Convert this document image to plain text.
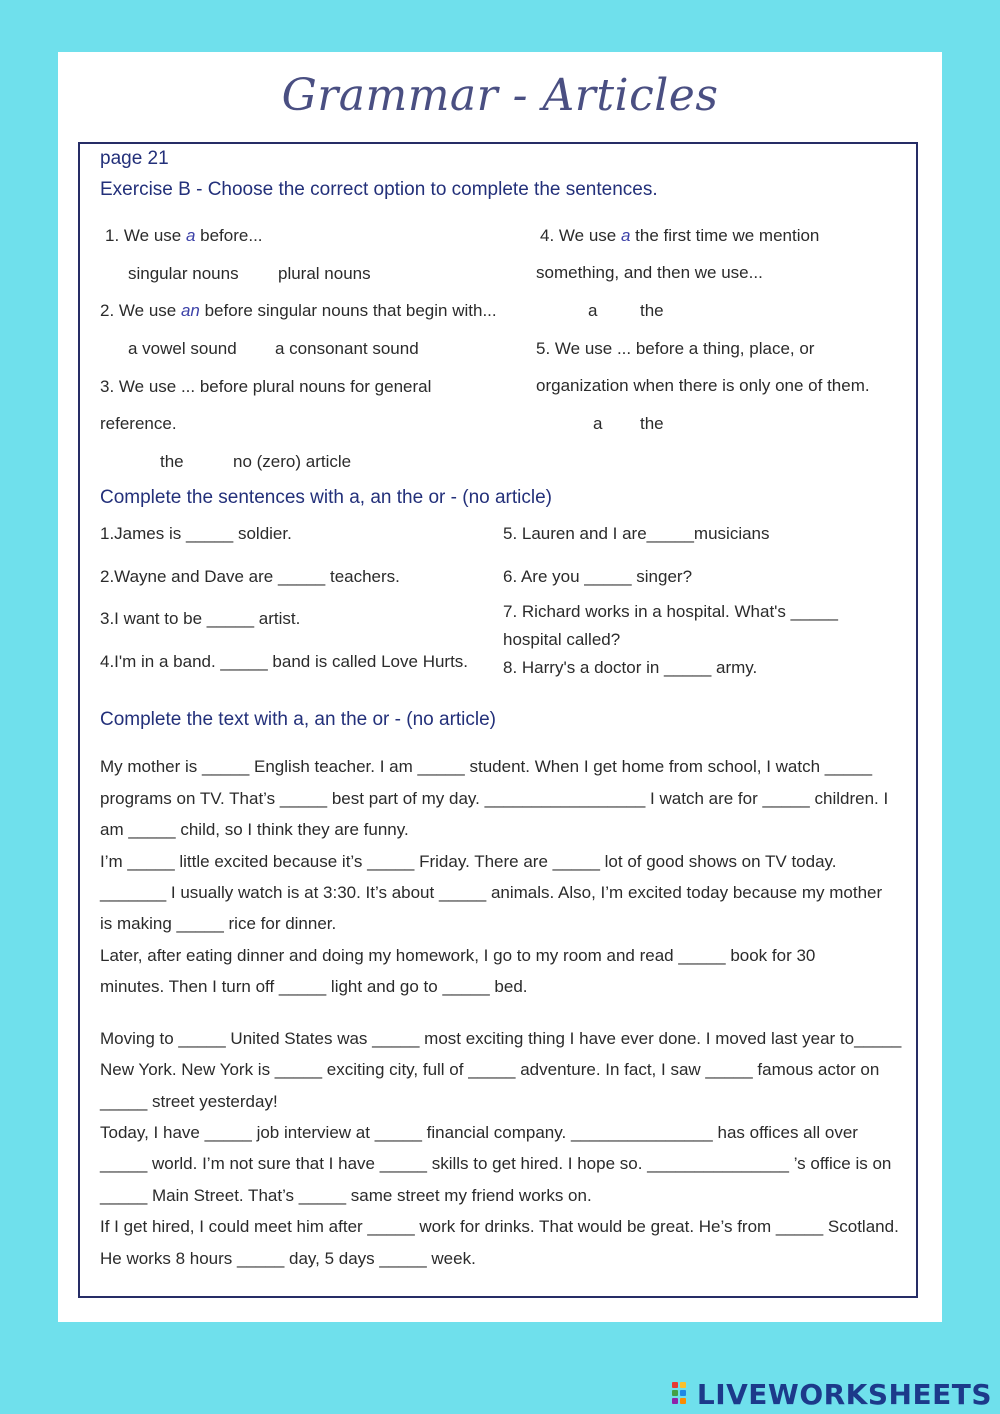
Grammar - Articles
page 21
Exercise B - Choose the correct option to complete the sentences.
1. We use a before...
singular nouns plural nouns
2. We use an before singular nouns that begin with...
a vowel sound a consonant sound
3. We use ... before plural nouns for general
reference.
the	no (zero) article
4. We use a the first time we mention
something, and then we use...
a	the
5. We use ... before a thing, place, or
organization when there is only one of them.
a the
Complete the sentences with a, an the or - (no article)
1.James is _____ soldier.
2.Wayne and Dave are _____ teachers.
3.I want to be _____ artist.
4.I'm in a band. _____ band is called Love Hurts.
5. Lauren and I are_____musicians
6. Are you _____ singer?
7. Richard works in a hospital. What's _____
hospital called?
8. Harry's a doctor in _____ army.
Complete the text with a, an the or - (no article)
My mother is _____ English teacher. I am _____ student. When I get home from school, I watch _____
programs on TV. That’s _____ best part of my day. _________________ I watch are for _____ children. I
am _____ child, so I think they are funny.
I’m _____ little excited because it’s _____ Friday. There are _____ lot of good shows on TV today.
_______ I usually watch is at 3:30. It’s about _____ animals. Also, I’m excited today because my mother
is making _____ rice for dinner.
Later, after eating dinner and doing my homework, I go to my room and read _____ book for 30
minutes. Then I turn off _____ light and go to _____ bed.
Moving to _____ United States was _____ most exciting thing I have ever done. I moved last year to_____
New York. New York is _____ exciting city, full of _____ adventure. In fact, I saw _____ famous actor on
_____ street yesterday!
Today, I have _____ job interview at _____ financial company. _______________ has offices all over
_____ world. I’m not sure that I have _____ skills to get hired. I hope so. _______________ ’s office is on
_____ Main Street. That’s _____ same street my friend works on.
If I get hired, I could meet him after _____ work for drinks. That would be great. He’s from _____ Scotland.
He works 8 hours _____ day, 5 days _____ week.
LIVEWORKSHEETS
